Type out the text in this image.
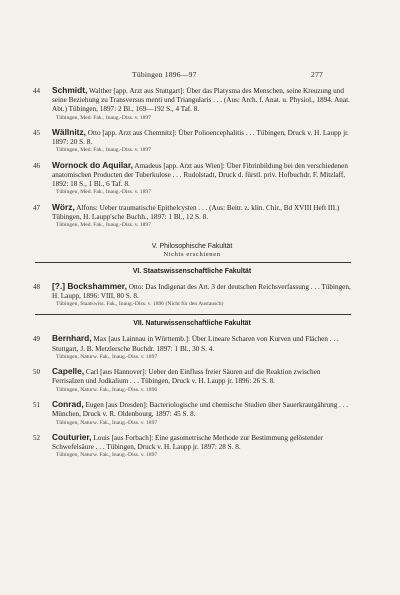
Tübingen 1896—97	277
44 Schmidt, Walther [app. Arzt aus Stuttgart]: Über das Platysma des Menschen, seine Kreuzung und seine Beziehung zu Transversus menti und Triangularis . . . (Aus: Arch. f. Anat. u. Physiol., 1894. Anat. Abt.) Tübingen, 1897: 2 Bl., 169—192 S., 4 Taf. 8.

Tübingen, Med. Fak., Inaug.-Diss. v. 1897
45 Wällnitz, Otto [app. Arzt aus Chemnitz]: Über Polioencephalitis . . . Tübingen, Druck v. H. Laupp jr. 1897: 20 S. 8.

Tübingen, Med. Fak., Inaug.-Diss. v. 1897
46 Wornock do Aquilar, Amadeus [app. Arzt aus Wien]: Über Fibrinbildung bei den verschiedenen anatomischen Producten der Tuberkulose . . . Rudolstadt, Druck d. fürstl. priv. Hofbuchdr. F. Mitzlaff, 1892: 18 S., 1 Bl., 6 Taf. 8.

Tübingen, Med. Fak., Inaug.-Diss. v. 1897
47 Wörz, Alfons: Ueber traumatische Epithelcysten . . . (Aus: Beitr. z. klin. Chir., Bd XVIII Heft III.) Tübingen, H. Laupp'sche Buchh., 1897: 1 Bl., 12 S. 8.

Tübingen, Med. Fak., Inaug.-Diss. v. 1897
V. Philosophische Fakultät
Nichts erschienen
VI. Staatswissenschaftliche Fakultät
48 [?.] Bockshammer, Otto: Das Indigenat des Art. 3 der deutschen Reichsverfassung . . . Tübingen, H. Laupp, 1896: VIII, 80 S. 8.

Tübingen, Staatswiss. Fak., Inaug.-Diss. v. 1896 (Nicht für den Austausch)
VII. Naturwissenschaftliche Fakultät
49 Bernhard, Max [aus Lainnau in Württemb.]: Über Lineare Scharen von Kurven und Flächen . . . Stuttgart, J. B. Metzlersche Buchdr. 1897: 1 Bl., 30 S. 4.

Tübingen, Naturw. Fak., Inaug.-Diss. v. 1897
50 Capelle, Carl [aus Hannover]: Ueber den Einfluss freier Säuren auf die Reaktion zwischen Ferrisalzen und Jodkalium . . . Tübingen, Druck v. H. Laupp jr. 1896: 26 S. 8.

Tübingen, Naturw. Fak., Inaug.-Diss. v. 1896
51 Conrad, Eugen [aus Dresden]: Bacteriologische und chemische Studien über Sauerkrautgährung . . . München, Druck v. R. Oldenbourg, 1897: 45 S. 8.

Tübingen, Naturw. Fak., Inaug.-Diss. v. 1897
52 Couturier, Louis [aus Forbach]: Eine gasometrische Methode zur Bestimmung gelöstender Schwefelsäure . . . Tübingen, Druck v. H. Laupp jr. 1897: 28 S. 8.

Tübingen, Naturw. Fak., Inaug.-Diss. v. 1897
